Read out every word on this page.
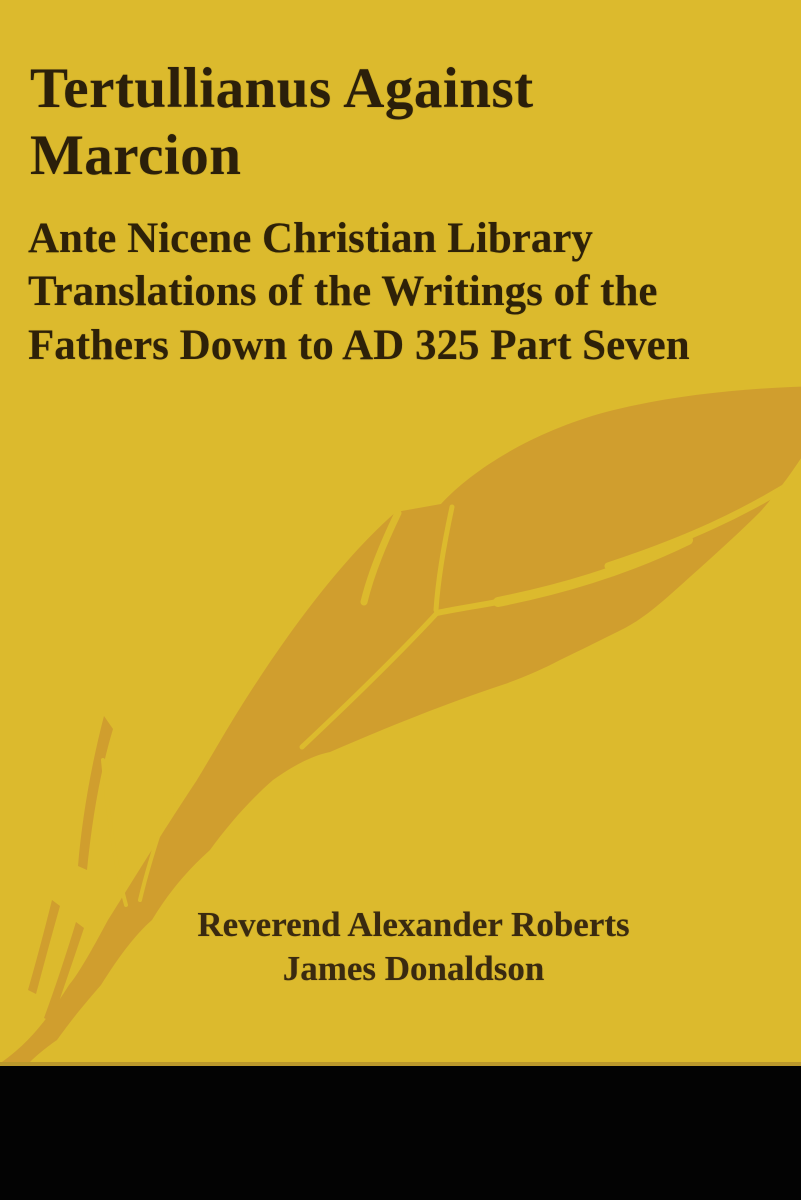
Tertullianus Against
Marcion
Ante Nicene Christian Library
Translations of the Writings of the
Fathers Down to AD 325 Part Seven
Reverend Alexander Roberts
James Donaldson
